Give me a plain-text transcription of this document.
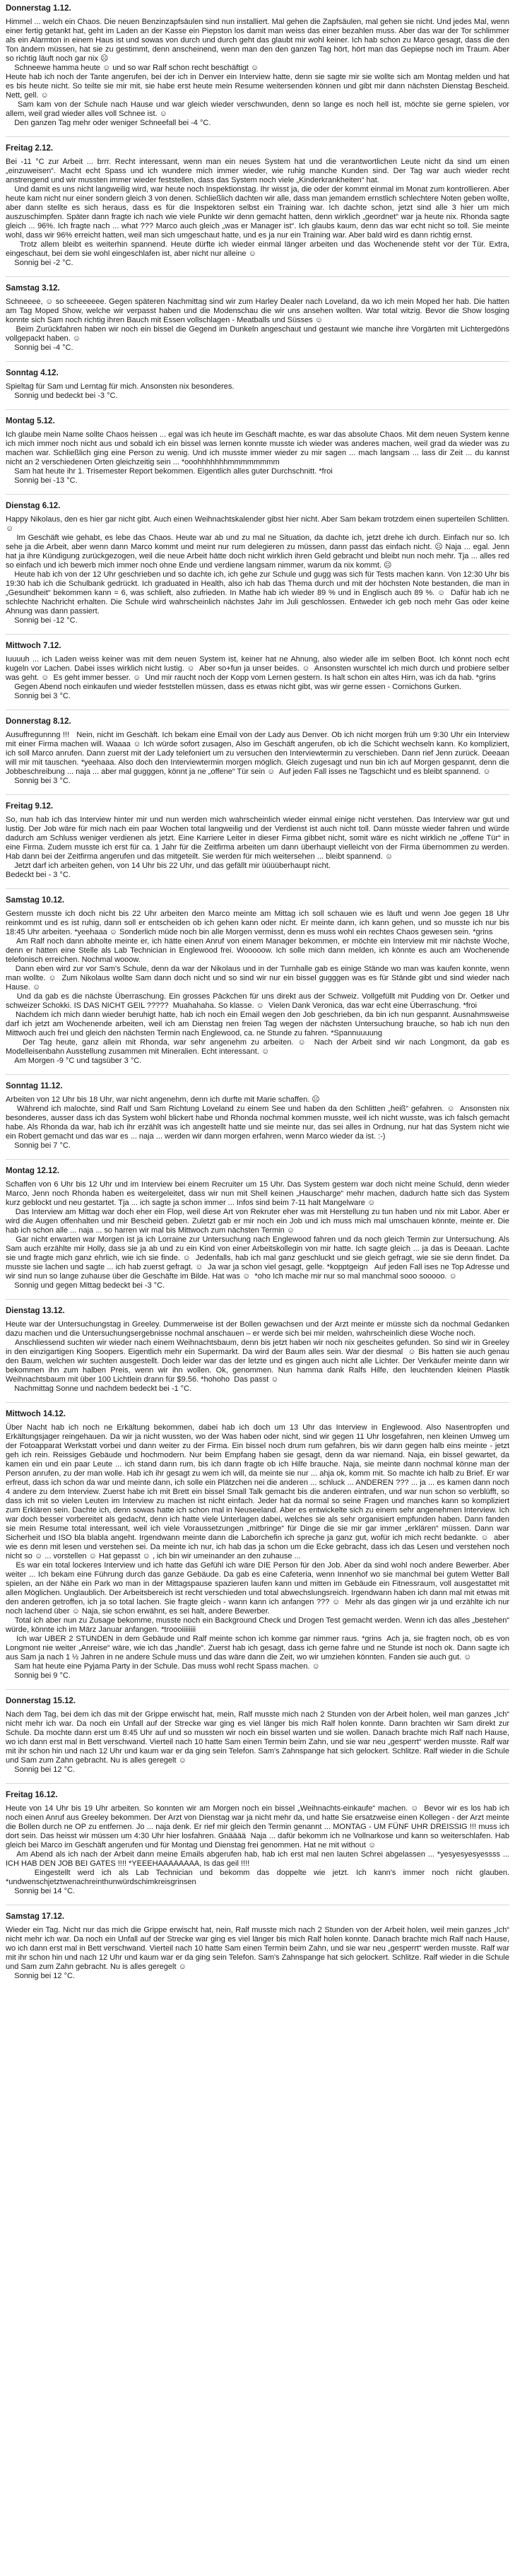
Donnerstag 1.12.
Himmel ... welch ein Chaos. Die neuen Benzinzapfsäulen sind nun installiert. Mal gehen die Zapfsäulen, mal gehen sie nicht. Und jedes Mal, wenn einer fertig getankt hat, geht im Laden an der Kasse ein Piepston los damit man weiss das einer bezahlen muss. Aber das war der Tor schlimmer als ein Alarmton in einem Haus ist und sowas von durch und durch geht das glaubt mir wohl keiner. Ich hab schon zu Marco gesagt, dass die den Ton ändern müssen, hat sie zu gestimmt, denn anscheinend, wenn man den den ganzen Tag hört, hört man das Gepiepse noch im Traum. Aber so richtig läuft noch gar nix ☹
Schneewe hamma heute ☺ und so war Ralf schon recht beschäftigt ☺
Heute hab ich noch der Tante angerufen, bei der ich in Denver ein Interview hatte, denn sie sagte mir sie wollte sich am Montag melden und hat es bis heute nicht. So teilte sie mir mit, sie habe erst heute mein Resume weitersenden können und gibt mir dann nächsten Dienstag Bescheid. Nett, gell. ☺
Sam kam von der Schule nach Hause und war gleich wieder verschwunden, denn so lange es noch hell ist, möchte sie gerne spielen, vor allem, weil grad wieder alles voll Schnee ist. ☺
Den ganzen Tag mehr oder weniger Schneefall bei -4 °C.
Freitag 2.12.
Bei -11 °C zur Arbeit ... brrr. Recht interessant, wenn man ein neues System hat und die verantwortlichen Leute nicht da sind um einen „einzuweisen“. Macht echt Spass und ich wundere mich immer wieder, wie ruhig manche Kunden sind. Der Tag war auch wieder recht anstrengend und wir mussten immer wieder feststellen, dass das System noch viele „Kinderkrankheiten“ hat.
Und damit es uns nicht langweilig wird, war heute noch Inspektionstag. Ihr wisst ja, die oder der kommt einmal im Monat zum kontrollieren. Aber heute kam nicht nur einer sondern gleich 3 von denen. Schließlich dachten wir alle, dass man jemandem ernstlich schlechtere Noten geben wollte, aber dann stellte es sich heraus, dass es für die Inspektoren selbst ein Training war. Ich dachte schon, jetzt sind alle 3 hier um mich auszuschimpfen. Später dann fragte ich nach wie viele Punkte wir denn gemacht hatten, denn wirklich „geordnet“ war ja heute nix. Rhonda sagte gleich ... 96%. Ich fragte nach ... what ??? Marco auch gleich „was er Manager ist“. Ich glaubs kaum, denn das war echt nicht so toll. Sie meinte wohl, dass wir 96% erreicht hatten, weil man sich umgeschaut hatte, und es ja nur ein Training war. Aber bald wird es dann richtig ernst.
Trotz allem bleibt es weiterhin spannend. Heute dürfte ich wieder einmal länger arbeiten und das Wochenende steht vor der Tür. Extra, eingeschaut, bei dem sie wohl eingeschlafen ist, aber nicht nur alleine ☺
Sonnig bei -2 °C.
Samstag 3.12.
Schneeee, ☺ so scheeeeee. Gegen späteren Nachmittag sind wir zum Harley Dealer nach Loveland, da wo ich mein Moped her hab. Die hatten am Tag Moped Show, welche wir verpasst haben und die Modenschau die wir uns ansehen wollten. War total witzig. Bevor die Show losging konnte sich Sam noch richtig ihren Bauch mit Essen vollschlagen - Meatballs und Süsses ☺
Beim Zurückfahren haben wir noch ein bissel die Gegend im Dunkeln angeschaut und gestaunt wie manche ihre Vorgärten mit Lichtergedöns vollgepackt haben. ☺
Sonnig bei -4 °C.
Sonntag 4.12.
Spieltag für Sam und Lerntag für mich. Ansonsten nix besonderes.
Sonnig und bedeckt bei -3 °C.
Montag 5.12.
Ich glaube mein Name sollte Chaos heissen ... egal was ich heute im Geschäft machte, es war das absolute Chaos. Mit dem neuen System kenne ich mich immer noch nicht aus und sobald ich ein bissel was lernen konnte musste ich wieder was anderes machen, weil grad da wieder was zu machen war. Schließlich ging eine Person zu wenig. Und ich musste immer wieder zu mir sagen ... mach langsam ... lass dir Zeit ... du kannst nicht an 2 verschiedenen Orten gleichzeitig sein ... *ooohhhhhhhmmmmmmmm
Sam hat heute ihr 1. Trisemester Report bekommen. Eigentlich alles guter Durchschnitt. *froi
Sonnig bei -13 °C.
Dienstag 6.12.
Happy Nikolaus, den es hier gar nicht gibt. Auch einen Weihnachtskalender gibst hier nicht. Aber Sam bekam trotzdem einen superteilen Schlitten. ☺
Im Geschäft wie gehabt, es lebe das Chaos. Heute war ab und zu mal ne Situation, da dachte ich, jetzt drehe ich durch. Einfach nur so. Ich sehe ja die Arbeit, aber wenn dann Marco kommt und meint nur rum delegieren zu müssen, dann passt das einfach nicht. ☹ Naja ... egal. Jenn hat ja ihre Kündigung zurückgezogen, weil die neue Arbeit hätte doch nicht wirklich ihren Geld gebracht und bleibt nun noch mehr. Tja ... alles red so einfach und ich bewerb mich immer noch ohne Ende und verdiene langsam nimmer, warum da nix kommt. ☹
Heute hab ich von der 12 Uhr geschrieben und so dachte ich, ich gehe zur Schule und gugg was sich für Tests machen kann. Von 12:30 Uhr bis 19:30 hab ich die Schulbank gedrückt. Ich graduated in Health, also ich hab das Thema durch und mit der höchsten Note bestanden, die man in „Gesundheit“ bekommen kann = 6, was schlieft, also zufrieden. In Mathe hab ich wieder 89 % und in Englisch auch 89 %. ☺  Dafür hab ich ne schlechte Nachricht erhalten. Die Schule wird wahrscheinlich nächstes Jahr im Juli geschlossen. Entweder ich geb noch mehr Gas oder keine Ahnung was dann passiert.
Sonnig bei -12 °C.
Mittwoch 7.12.
Iuuuuh ... ich Laden weiss keiner was mit dem neuen System ist, keiner hat ne Ahnung, also wieder alle im selben Boot. Ich könnt noch echt kugeln vor Lachen. Dabei isses wirklich nicht lustig. ☺  Aber so+fun ja unser beides. ☺  Ansonsten wurschtel ich mich durch und probiere selber was geht. ☺  Es geht immer besser. ☺  Und mir raucht noch der Kopp vom Lernen gestern. Is halt schon ein altes Hirn, was ich da hab. *grins
Gegen Abend noch einkaufen und wieder feststellen müssen, dass es etwas nicht gibt, was wir gerne essen - Cornichons Gurken.
Sonnig bei 3 °C.
Donnerstag 8.12.
Ausuffregunnng !!!   Nein, nicht im Geschäft. Ich bekam eine Email von der Lady aus Denver. Ob ich nicht morgen früh um 9:30 Uhr ein Interview mit einer Firma machen will. Waaaa ☺ Ich würde sofort zusagen, Also im Geschäft angerufen, ob ich die Schicht wechseln kann. Ko kompliziert, ich soll Marco anrufen. Dann zuerst mit der Lady telefoniert um zu versuchen den Interviewtermin zu verschieben. Dann rief Jenn zurück. Deeaan will mir mit tauschen. *yeehaaa. Also doch den Interviewtermin morgen möglich. Gleich zugesagt und nun bin ich auf Morgen gespannt, denn die Jobbeschreibung ... naja ... aber mal gugggen, könnt ja ne „offene“ Tür sein ☺  Auf jeden Fall isses ne Tagschicht und es bleibt spannend. ☺
Sonnig bei 3 °C.
Freitag 9.12.
So, nun hab ich das Interview hinter mir und nun werden mich wahrscheinlich wieder einmal einige nicht verstehen. Das Interview war gut und lustig. Der Job wäre für mich nach ein paar Wochen total langweilig und der Verdienst ist auch nicht toll. Dann müsste wieder fahren und würde dadurch am Schluss weniger verdienen als jetzt. Eine Karriere Leiter in dieser Firma gibbet nicht, somit wäre es nicht wirklich ne „offene Tür“ in eine Firma. Zudem musste ich erst für ca. 1 Jahr für die Zeitfirma arbeiten um dann überhaupt vielleicht von der Firma übernommen zu werden. Hab dann bei der Zeitfirma angerufen und das mitgeteilt. Sie werden für mich weitersehen ... bleibt spannend. ☺
Jetzt darf ich arbeiten gehen, von 14 Uhr bis 22 Uhr, und das gefällt mir üüüüberhaupt nicht.
Bedeckt bei - 3 °C.
Samstag 10.12.
Gestern musste ich doch nicht bis 22 Uhr arbeiten den Marco meinte am Mittag ich soll schauen wie es läuft und wenn Joe gegen 18 Uhr reinkommt und es ist ruhig, dann soll er entscheiden ob ich gehen kann oder nicht. Er meinte dann, ich kann gehen, und so musste ich nur bis 18:45 Uhr arbeiten. *yeehaaa ☺ Sonderlich müde noch bin alle Morgen vermisst, denn es muss wohl ein rechtes Chaos gewesen sein. *grins
Am Ralf noch dann abholte meinte er, ich hätte einen Anruf von einem Manager bekommen, er möchte ein Interview mit mir nächste Woche, denn er hätten eine Stelle als Lab Technician in Englewood frei. Wooooow. Ich solle mich dann melden, ich könnte es auch am Wochenende telefonisch erreichen. Nochmal wooow.
Dann eben wird zur vor Sam's Schule, denn da war der Nikolaus und in der Turnhalle gab es einige Stände wo man was kaufen konnte, wenn man wollte. ☺  Zum Nikolaus wollte Sam dann doch nicht und so sind wir nur ein bissel gugggen was es für Stände gibt und sind wieder nach Hause. ☺
Und da gab es die nächste Überraschung. Ein grosses Päckchen für uns direkt aus der Schweiz. Vollgefüllt mit Pudding von Dr. Oetker und schweizer Schokki. IS DAS NICHT GEIL ?????  Muahahaha. So klasse. ☺  Vielen Dank Veronica, das war echt eine Überraschung. *froi
Nachdem ich mich dann wieder beruhigt hatte, hab ich noch ein Email wegen den Job geschrieben, da bin ich nun gespannt. Ausnahmsweise darf ich jetzt am Wochenende arbeiten, weil ich am Dienstag nen freien Tag wegen der nächsten Untersuchung brauche, so hab ich nun den Mittwoch auch frei und gleich den nächsten Termin nach Englewood, ca. ne Stunde zu fahren. *Spannuuuung
Der Tag heute, ganz allein mit Rhonda, war sehr angenehm zu arbeiten. ☺  Nach der Arbeit sind wir nach Longmont, da gab es Modelleisenbahn Ausstellung zusammen mit Mineralien. Echt interessant. ☺
Am Morgen -9 °C und tagsüber 3 °C.
Sonntag 11.12.
Arbeiten von 12 Uhr bis 18 Uhr, war nicht angenehm, denn ich durfte mit Marie schaffen. ☹
Während ich malochte, sind Ralf und Sam Richtung Loveland zu einem See und haben da den Schlitten „heiß“ gefahren. ☺  Ansonsten nix besonderes, ausser dass ich das System wohl blickert habe und Rhonda nochmal kommen musste, weil ich nicht wusste, was ich falsch gemacht habe. Als Rhonda da war, hab ich ihr erzählt was ich angestellt hatte und sie meinte nur, das sei alles in Ordnung, nur hat das System nicht wie ein Robert gemacht und das war es ... naja ... werden wir dann morgen erfahren, wenn Marco wieder da ist. :-)
Sonnig bei 7 °C.
Montag 12.12.
Schaffen von 6 Uhr bis 12 Uhr und im Interview bei einem Recruiter um 15 Uhr. Das System gestern war doch nicht meine Schuld, denn wieder Marco, Jenn noch Rhonda haben es weitergeleitet, dass wir nun mit Shell keinen „Hauscharge“ mehr machen, dadurch hatte sich das System kurz geblockt und neu gestartet. Tja ... ich sagte ja schon immer ... Infos sind beim 7-11 halt Mangelware ☺
Das Interview am Mittag war doch eher ein Flop, weil diese Art von Rekruter eher was mit Herstellung zu tun haben und nix mit Labor. Aber er wird die Augen offenhalten und mir Bescheid geben. Zuletzt gab er mir noch ein Job und ich muss mich mal umschauen könnte, meinte er. Die hab ich schon alle ... naja ... so harren wir mal bis Mittwoch zum nächsten Termin ☺
Gar nicht erwarten war Morgen ist ja ich Lorraine zur Untersuchung nach Englewood fahren und da noch gleich Termin zur Untersuchung. Als Sam auch erzählte mir Holly, dass sie ja ab und zu ein Kind von einer Arbeitskollegin von mir hatte. Ich sagte gleich ... ja das is Deeaan. Lachte sie und fragte mich ganz ehrlich, wie ich sie finde. ☺  Jedenfalls, hab ich mal ganz geschluckt und sie gleich gefragt, wie sie sie denn findet. Da musste sie lachen und sagte ... ich hab zuerst gefragt. ☺  Ja war ja schon viel gesagt, gelle. *kopptgeign   Auf jeden Fall ises ne Top Adresse und wir sind nun so lange zuhause über die Geschäfte im Bilde. Hat was ☺  *oho Ich mache mir nur so mal manchmal sooo sooooo. ☺
Sonnig und gegen Mittag bedeckt bei -3 °C.
Dienstag 13.12.
Heute war der Untersuchungstag in Greeley. Dummerweise ist der Bollen gewachsen und der Arzt meinte er müsste sich da nochmal Gedanken dazu machen und die Untersuchungsergebnisse nochmal anschauen – er werde sich bei mir melden, wahrscheinlich diese Woche noch.
Anschliessend suchten wir wieder nach einem Weihnachtsbaum, denn bis jetzt haben wir noch nix gescheites gefunden. So sind wir in Greeley in den einzigartigen King Soopers. Eigentlich mehr ein Supermarkt. Da wird der Baum alles sein. War der diesmal  ☺ Bis hatten sie auch genau den Baum, welchen wir suchten ausgestellt. Doch leider war das der letzte und es gingen auch nicht alle Lichter. Der Verkäufer meinte dann wir bekommen ihn zum halben Preis, wenn wir ihn wollen. Ok, genommen. Nun hamma dank Ralfs Hilfe, den leuchtenden kleinen Plastik Weihnachtsbaum mit über 100 Lichtlein drann für $9.56. *hohoho  Das passt ☺
Nachmittag Sonne und nachdem bedeckt bei -1 °C.
Mittwoch 14.12.
Über Nacht hab ich noch ne Erkältung bekommen, dabei hab ich doch um 13 Uhr das Interview in Englewood. Also Nasentropfen und Erkältungsjager reingehauen. Da wir ja nicht wussten, wo der Was haben oder nicht, sind wir gegen 11 Uhr losgefahren, nen kleinen Umweg um der Fotoapparat Werkstatt vorbei und dann weiter zu der Firma. Ein bissel noch drum rum gefahren, bis wir dann gegen halb eins meinte - jetzt geh ich rein. Reissiges Gebäude und hochmodern. Nur beim Empfang haben sie gesagt, denn da war niemand. Naja, ein bissel gewartet, da kamen ein und ein paar Leute ... ich stand dann rum, bis ich dann fragte ob ich Hilfe brauche. Naja, sie meinte dann nochmal könne man der Person anrufen, zu der man wolle. Hab ich ihr gesagt zu wem ich will, da meinte sie nur ... ahja ok, komm mit. So machte ich halb zu Brief. Er war erfreut, dass ich schon da war und meinte dann, ich solle ein Plätzchen nei die anderen ... schluck ... ANDEREN ??? ... ja ... es kamen dann noch 4 andere zu dem Interview. Zuerst habe ich mit Brett ein bissel Small Talk gemacht bis die anderen eintrafen, und war nun schon so verblüfft, so dass ich mit so vielen Leuten im Interview zu machen ist nicht einfach. Jeder hat da normal so seine Fragen und manches kann so kompliziert zum Erklären sein. Dachte ich, denn sowas hatte ich schon mal in Neuseeland. Aber es entwickelte sich zu einem sehr angenehmen Interview. Ich war doch besser vorbereitet als gedacht, denn ich hatte viele Unterlagen dabei, welches sie als sehr organisiert empfunden haben. Dann fanden sie mein Resume total interessant, weil ich viele Voraussetzungen „mitbringe“ für Dinge die sie mir gar immer „erklären“ müssen. Dann war Sicherheit und ISO bla blabla angeht. Irgendwann meinte dann die Laborchefin ich spreche ja ganz gut, wofür ich mich recht bedankte. ☺  aber wie es denn mit lesen und verstehen sei. Da meinte ich nur, ich hab das ja schon um die Ecke gebracht, dass ich das Lesen und verstehen noch nicht so ☺ ... vorstellen ☺ Hat gepasst ☺ , ich bin wir umeinander an den zuhause ...
Es war ein total lockeres Interview und ich hatte das Gefühl ich wäre DIE Person für den Job. Aber da sind wohl noch andere Bewerber. Aber weiter ... Ich bekam eine Führung durch das ganze Gebäude. Da gab es eine Cafeteria, wenn Innenhof wo sie manchmal bei gutem Wetter Ball spielen, an der Nähe ein Park wo man in der Mittagspause spazieren laufen kann und mitten im Gebäude ein Fitnessraum, voll ausgestattet mit allen Möglichen. Unglaublich. Der Arbeitsbereich ist recht verschieden und total abwechslungsreich. Irgendwann haben ich dann mal mit etwas mit den anderen getroffen, ich ja so total lachen. Sie fragte gleich - wann kann ich anfangen ??? ☺  Mehr als das gingen wir ja und erzählte ich nur noch lachend über ☺ Naja, sie schon erwähnt, es sei halt, andere Bewerber.
Total ich aber nun zu Zusage bekomme, musste noch ein Background Check und Drogen Test gemacht werden. Wenn ich das alles „bestehen“ würde, könnte ich im März Januar anfangen. *troooiiiiiiii
Ich war UBER 2 STUNDEN in dem Gebäude und Ralf meinte schon ich komme gar nimmer raus. *grins  Ach ja, sie fragten noch, ob es von Longmont nie weiter „Anreise“ wäre, wie ich das „handle“. Zuerst hab ich gesagt, dass ich gerne fahre und ne Stunde ist noch ok. Dann sagte ich aus Sam ja nach 1 ½ Jahren in ne andere Schule muss und das wäre dann die Zeit, wo wir umziehen könnten. Fanden sie auch gut. ☺
Sam hat heute eine Pyjama Party in der Schule. Das muss wohl recht Spass machen. ☺
Sonnig bei 9 °C.
Donnerstag 15.12.
Nach dem Tag, bei dem ich das mit der Grippe erwischt hat, mein, Ralf musste mich nach 2 Stunden von der Arbeit holen, weil man ganzes „Ich“ nicht mehr ich war. Da noch ein Unfall auf der Strecke war ging es viel länger bis mich Ralf holen konnte. Dann brachten wir Sam direkt zur Schule. Da mochte dann erst um 8:45 Uhr auf und so mussten wir noch ein bissel warten und sie wollen. Danach brachte mich Ralf nach Hause, wo ich dann erst mal in Bett verschwand. Vierteil nach 10 hatte Sam einen Termin beim Zahn, und sie war neu „gesperrt“ werden musste. Ralf war mit ihr schon hin und nach 12 Uhr und kaum war er da ging sein Telefon. Sam's Zahnspange hat sich gelockert. Schlitze. Ralf wieder in die Schule und Sam zum Zahn gebracht. Nu is alles geregelt ☺
Sonnig bei 12 °C.
Freitag 16.12.
Heute von 14 Uhr bis 19 Uhr arbeiten. So konnten wir am Morgen noch ein bissel „Weihnachts-einkaufe“ machen. ☺  Bevor wir es los hab ich noch einen Anruf aus Greeley bekommen. Der Arzt von Dienstag war ja nicht mehr da, und hatte Sie ersatzweise einen Kollegen - der Arzt meinte die Bollen durch ne OP zu entfernen. Jo ... naja denk. Er rief mir gleich den Termin genannt ... MONTAG - UM FÜNF UHR DREISSIG !!! muss ich dort sein. Das heisst wir müssen um 4:30 Uhr hier losfahren. Gnääää  Naja ... dafür bekomm ich ne Vollnarkose und kann so weiterschlafen. Hab gleich bei Marco im Geschäft angerufen und für Montag und Dienstag frei genommen. Hat ne mit without ☺
Am Abend als ich nach der Arbeit dann meine Emails abgerufen hab, hab ich erst mal nen lauten Schrei abgelassen ... *yesyesyesyessss ... ICH HAB DEN JOB BEI GATES !!!! *YEEEHAAAAAAAA, Is das geil !!!!
Eingestellt werd ich als Lab Technician und bekomm das doppelte wie jetzt. Ich kann's immer noch nicht glauben. *undwenschjetztwenachreinthunwürdschimkreisgrinsen
Sonnig bei 14 °C.
Samstag 17.12.
Wieder ein Tag. Nicht nur das mich die Grippe erwischt hat, nein, Ralf musste mich nach 2 Stunden von der Arbeit holen, weil mein ganzes „Ich“ nicht mehr ich war. Da noch ein Unfall auf der Strecke war ging es viel länger bis mich Ralf holen konnte. Danach brachte mich Ralf nach Hause, wo ich dann erst mal in Bett verschwand. Vierteil nach 10 hatte Sam einen Termin beim Zahn, und sie war neu „gesperrt“ werden musste. Ralf war mit ihr schon hin und nach 12 Uhr und kaum war er da ging sein Telefon. Sam's Zahnspange hat sich gelockert. Schlitze. Ralf wieder in die Schule und Sam zum Zahn gebracht. Nu is alles geregelt ☺
Sonnig bei 12 °C.
